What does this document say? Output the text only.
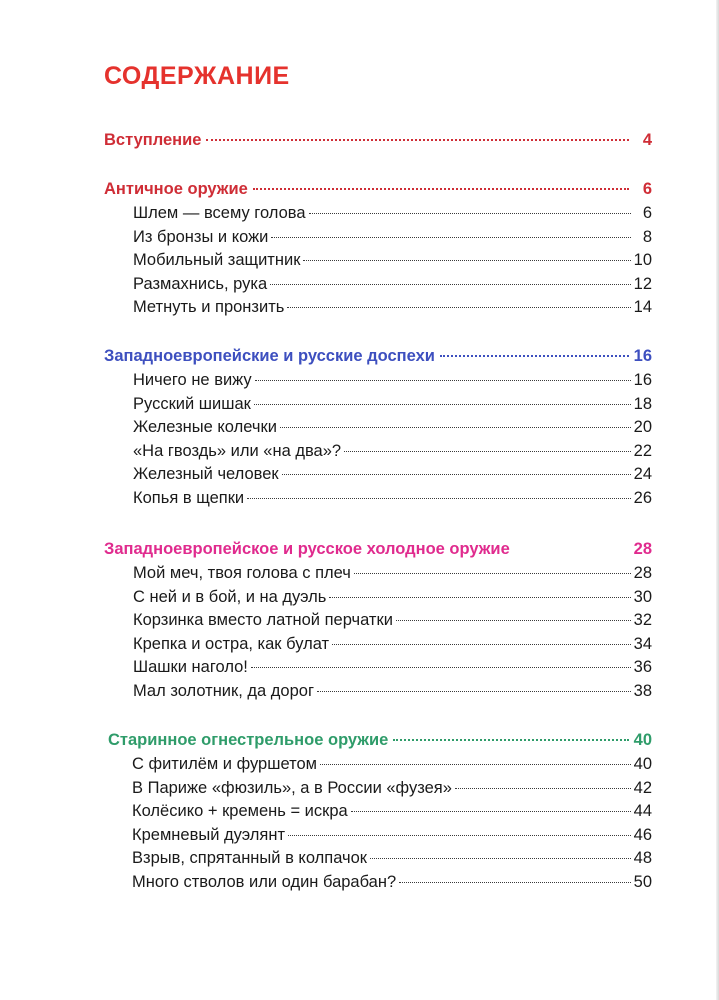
СОДЕРЖАНИЕ
Вступление	4
Античное оружие	6
Шлем — всему голова	6
Из бронзы и кожи	8
Мобильный защитник	10
Размахнись, рука	12
Метнуть и пронзить	14
Западноевропейские и русские доспехи	16
Ничего не вижу	16
Русский шишак	18
Железные колечки	20
«На гвоздь» или «на два»?	22
Железный человек	24
Копья в щепки	26
Западноевропейское и русское холодное оружие	28
Мой меч, твоя голова с плеч	28
С ней и в бой, и на дуэль	30
Корзинка вместо латной перчатки	32
Крепка и остра, как булат	34
Шашки наголо!	36
Мал золотник, да дорог	38
Старинное огнестрельное оружие	40
С фитилём и фуршетом	40
В Париже «фюзиль», а в России «фузея»	42
Колёсико + кремень = искра	44
Кремневый дуэлянт	46
Взрыв, спрятанный в колпачок	48
Много стволов или один барабан?	50
